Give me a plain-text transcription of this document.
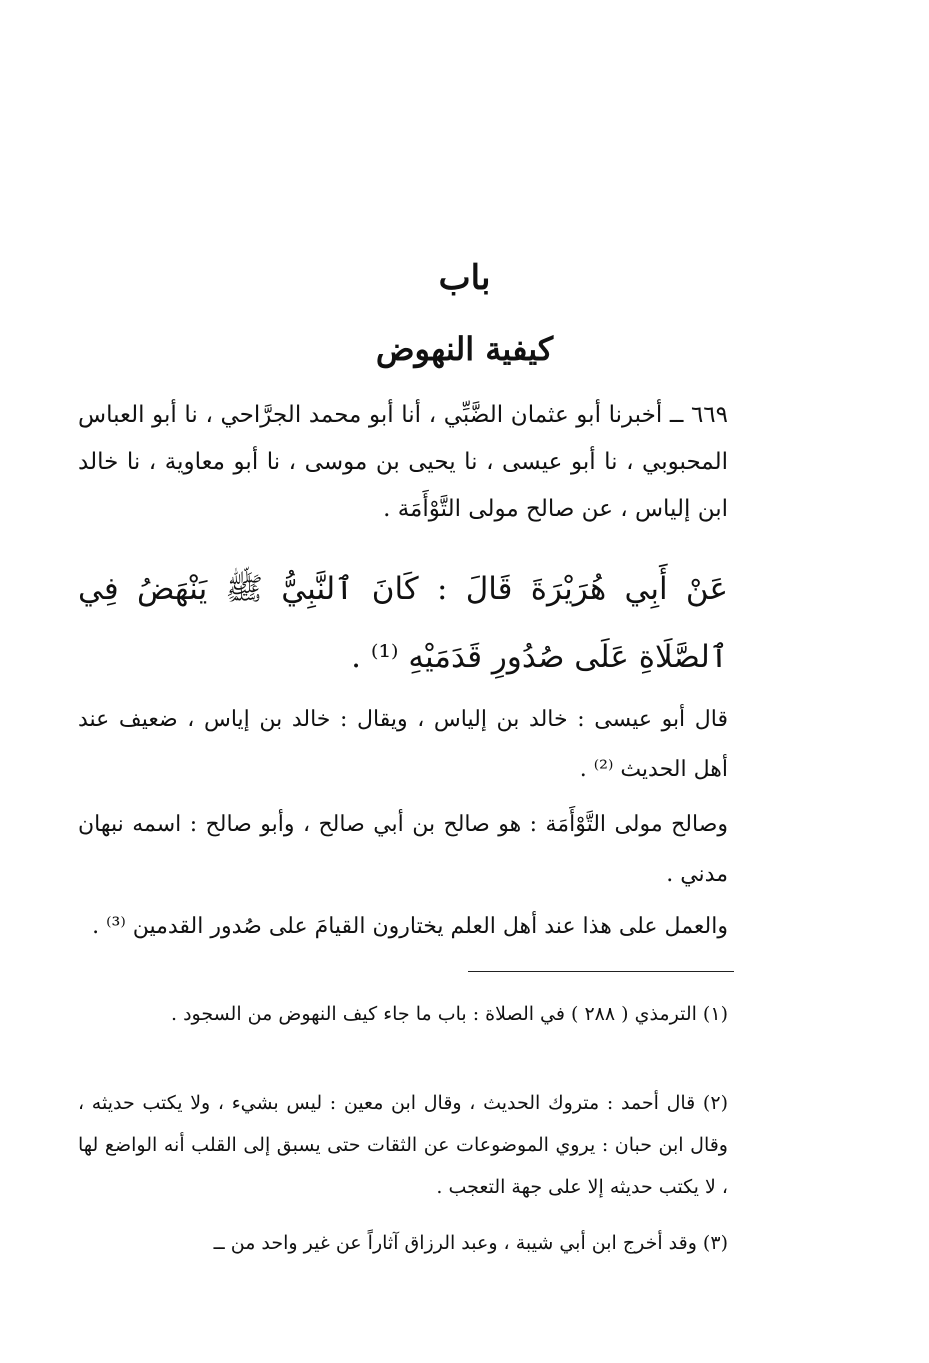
باب
كيفية النهوض
٦٦٩ ــ أخبرنا أبو عثمان الضَّبِّي ، أنا أبو محمد الجرَّاحي ، نا أبو العباس المحبوبي ، نا أبو عيسى ، نا يحيى بن موسى ، نا أبو معاوية ، نا خالد ابن إلياس ، عن صالح مولى التَّوْأَمَة .
عَنْ أَبِي هُرَيْرَةَ قَالَ : كَانَ ٱلنَّبِيُّ ﷺ يَنْهَضُ فِي ٱلصَّلَاةِ عَلَى صُدُورِ قَدَمَيْهِ ⁽¹⁾ .
قال أبو عيسى : خالد بن إلياس ، ويقال : خالد بن إياس ، ضعيف عند أهل الحديث ⁽²⁾ .
وصالح مولى التَّوْأَمَة : هو صالح بن أبي صالح ، وأبو صالح : اسمه نبهان مدني .
والعمل على هذا عند أهل العلم يختارون القيامَ على صُدور القدمين ⁽³⁾ .
(١) الترمذي ( ٢٨٨ ) في الصلاة : باب ما جاء كيف النهوض من السجود .
(٢) قال أحمد : متروك الحديث ، وقال ابن معين : ليس بشيء ، ولا يكتب حديثه ، وقال ابن حبان : يروي الموضوعات عن الثقات حتى يسبق إلى القلب أنه الواضع لها ، لا يكتب حديثه إلا على جهة التعجب .
(٣) وقد أخرج ابن أبي شيبة ، وعبد الرزاق آثاراً عن غير واحد من ــ
